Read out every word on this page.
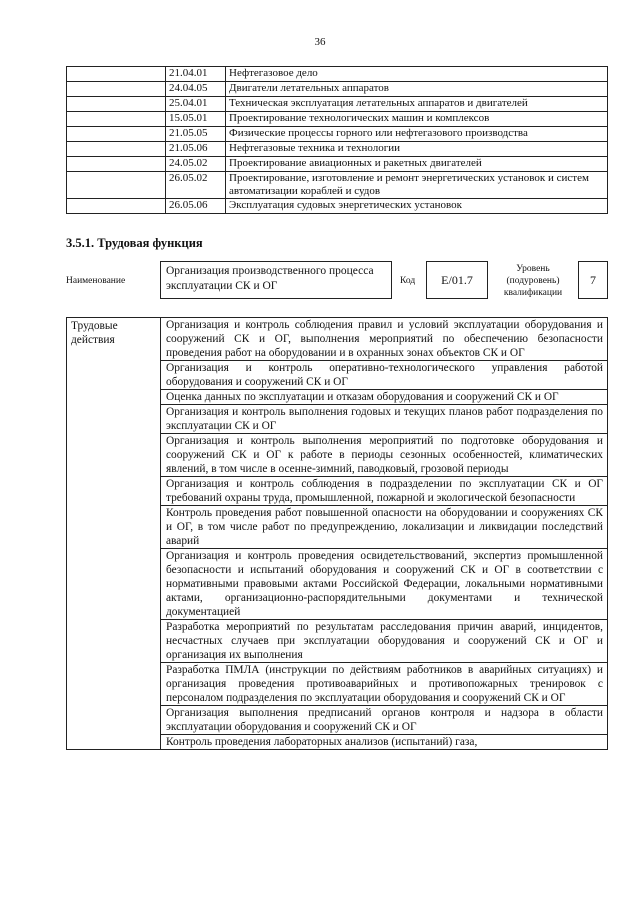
36
	21.04.01	Нефтегазовое дело
	24.04.05	Двигатели летательных аппаратов
	25.04.01	Техническая эксплуатация летательных аппаратов и двигателей
	15.05.01	Проектирование технологических машин и комплексов
	21.05.05	Физические процессы горного или нефтегазового производства
	21.05.06	Нефтегазовые техника и технологии
	24.05.02	Проектирование авиационных и ракетных двигателей
	26.05.02	Проектирование, изготовление и ремонт энергетических установок и систем автоматизации кораблей и судов
	26.05.06	Эксплуатация судовых энергетических установок
3.5.1. Трудовая функция
Наименование
Организация производственного процесса эксплуатации СК и ОГ	Код	Е/01.7
Уровень (подуровень) квалификации
7
Трудовые действия	Организация и контроль соблюдения правил и условий эксплуатации оборудования и сооружений СК и ОГ, выполнения мероприятий по обеспечению безопасности проведения работ на оборудовании и в охранных зонах объектов СК и ОГ
Организация и контроль оперативно-технологического управления работой оборудования и сооружений СК и ОГ
Оценка данных по эксплуатации и отказам оборудования и сооружений СК и ОГ
Организация и контроль выполнения годовых и текущих планов работ подразделения по эксплуатации СК и ОГ
Организация и контроль выполнения мероприятий по подготовке оборудования и сооружений СК и ОГ к работе в периоды сезонных особенностей, климатических явлений, в том числе в осенне-зимний, паводковый, грозовой периоды
Организация и контроль соблюдения в подразделении по эксплуатации СК и ОГ требований охраны труда, промышленной, пожарной и экологической безопасности
Контроль проведения работ повышенной опасности на оборудовании и сооружениях СК и ОГ, в том числе работ по предупреждению, локализации и ликвидации последствий аварий
Организация и контроль проведения освидетельствований, экспертиз промышленной безопасности и испытаний оборудования и сооружений СК и ОГ в соответствии с нормативными правовыми актами Российской Федерации, локальными нормативными актами, организационно-распорядительными документами и технической документацией
Разработка мероприятий по результатам расследования причин аварий, инцидентов, несчастных случаев при эксплуатации оборудования и сооружений СК и ОГ и организация их выполнения
Разработка ПМЛА (инструкции по действиям работников в аварийных ситуациях) и организация проведения противоаварийных и противопожарных тренировок с персоналом подразделения по эксплуатации оборудования и сооружений СК и ОГ
Организация выполнения предписаний органов контроля и надзора в области эксплуатации оборудования и сооружений СК и ОГ
Контроль проведения лабораторных анализов (испытаний) газа,
